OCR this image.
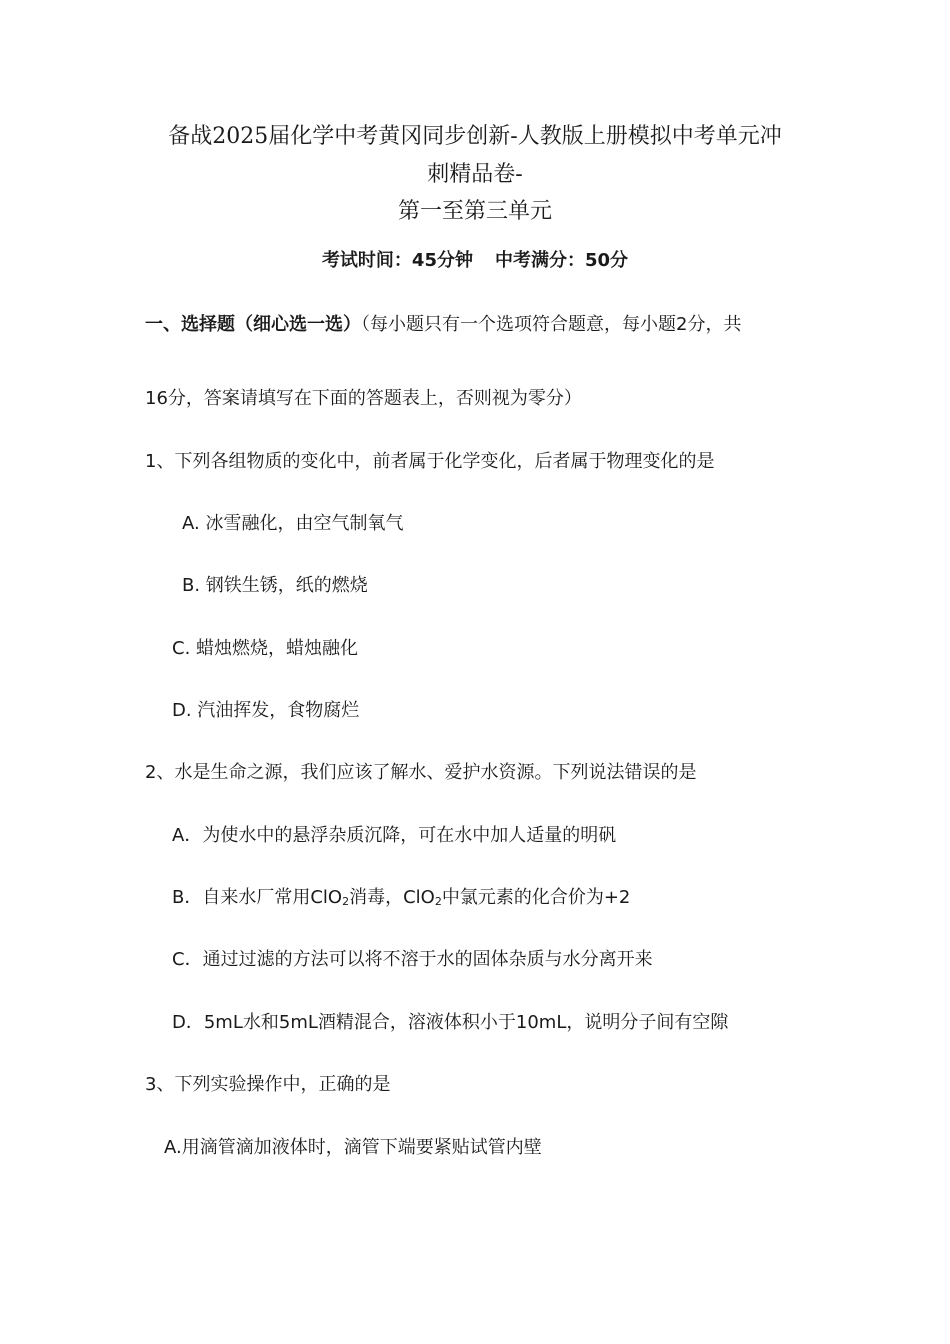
备战2025届化学中考黄冈同步创新-人教版上册模拟中考单元冲
刺精品卷-
第一至第三单元
考试时间：45分钟 中考满分：50分
一、选择题（细心选一选）（每小题只有一个选项符合题意，每小题2分，共
16分，答案请填写在下面的答题表上，否则视为零分）
1、下列各组物质的变化中，前者属于化学变化，后者属于物理变化的是
A. 冰雪融化，由空气制氧气
B. 钢铁生锈，纸的燃烧
C. 蜡烛燃烧，蜡烛融化
D. 汽油挥发，食物腐烂
2、水是生命之源，我们应该了解水、爱护水资源。下列说法错误的是
A．为使水中的悬浮杂质沉降，可在水中加人适量的明矾
B．自来水厂常用ClO$_2$消毒，ClO$_2$中氯元素的化合价为+2
C．通过过滤的方法可以将不溶于水的固体杂质与水分离开来
D．5mL水和5mL酒精混合，溶液体积小于10mL，说明分子间有空隙
3、下列实验操作中，正确的是
A.用滴管滴加液体时，滴管下端要紧贴试管内壁
